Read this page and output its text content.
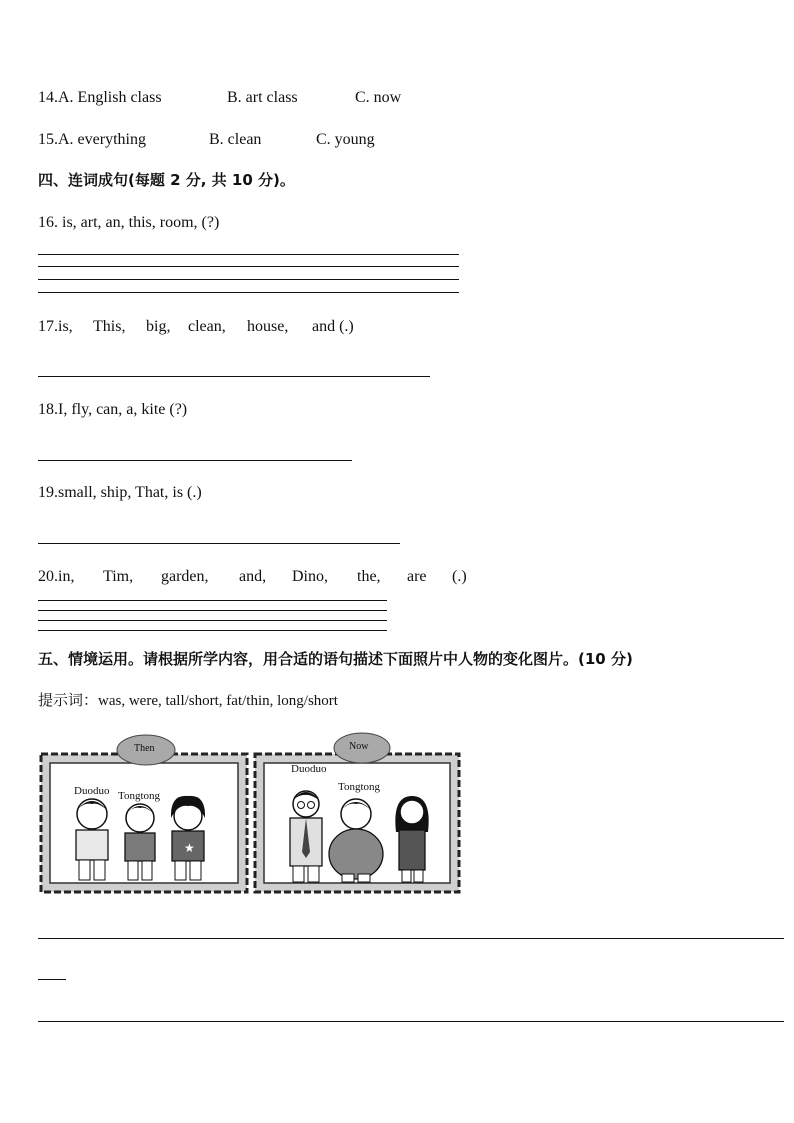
14.A. English class	B. art class	C. now
15.A. everything	B. clean	C. young
四、连词成句(每题 2 分, 共 10 分)。
16. is, art, an, this, room, (?)
17.is, This, big, clean, house, and (.)
18.I, fly, can, a, kite (?)
19.small, ship, That, is (.)
20.in, Tim, garden, and, Dino, the, are (.)
五、情境运用。请根据所学内容，用合适的语句描述下面照片中人物的变化图片。(10 分)
提示词：was, were, tall/short, fat/thin, long/short
★
Then	Now
Duoduo Tongtong
Duoduo
Tongtong
